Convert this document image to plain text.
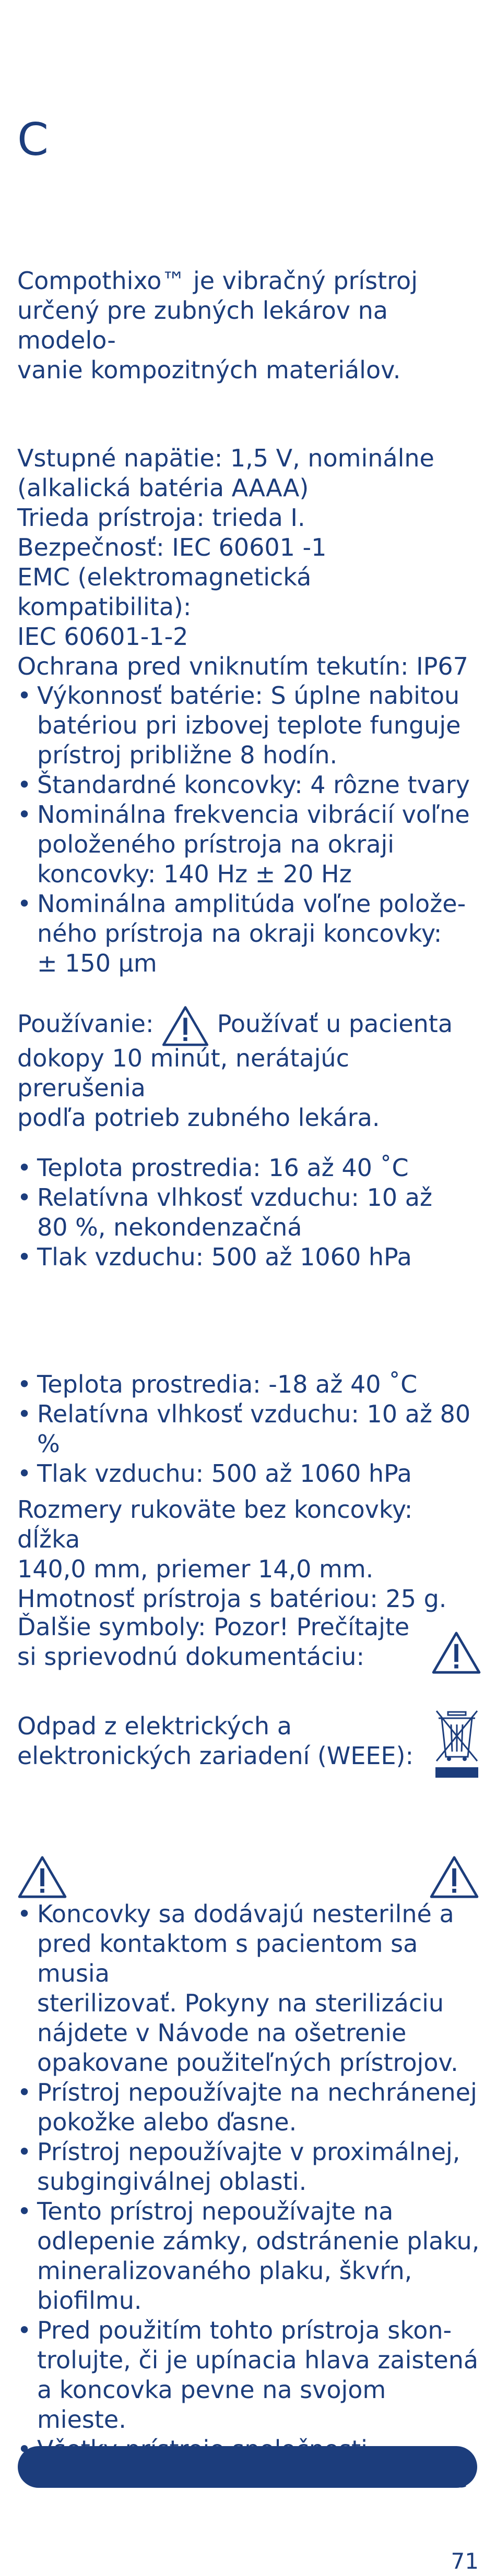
C
Compothixo™ je vibračný prístroj
určený pre zubných lekárov na modelo-
vanie kompozitných materiálov.
Vstupné napätie: 1,5 V, nominálne
(alkalická batéria AAAA)
Trieda prístroja: trieda I.
Bezpečnosť: IEC 60601 -1
EMC (elektromagnetická kompatibilita):
IEC 60601-1-2
Ochrana pred vniknutím tekutín: IP67
• Výkonnosť batérie: S úplne nabitou
batériou pri izbovej teplote funguje
prístroj približne 8 hodín.
• Štandardné koncovky: 4 rôzne tvary
• Nominálna frekvencia vibrácií voľne
položeného prístroja na okraji
koncovky: 140 Hz ± 20 Hz
• Nominálna amplitúda voľne polože-
ného prístroja na okraji koncovky:
± 150 µm
Používanie:	Používať u pacienta
dokopy 10 minút, nerátajúc prerušenia
podľa potrieb zubného lekára.
• Teplota prostredia: 16 až 40 ˚C
• Relatívna vlhkosť vzduchu: 10 až
80 %, nekondenzačná
• Tlak vzduchu: 500 až 1060 hPa
• Teplota prostredia: -18 až 40 ˚C
• Relatívna vlhkosť vzduchu: 10 až 80 %
• Tlak vzduchu: 500 až 1060 hPa
Rozmery rukoväte bez koncovky: dĺžka
140,0 mm, priemer 14,0 mm.
Hmotnosť prístroja s batériou: 25 g.
Ďalšie symboly: Pozor! Prečítajte
si sprievodnú dokumentáciu:
Odpad z elektrických a
elektronických zariadení (WEEE):
• Koncovky sa dodávajú nesterilné a
pred kontaktom s pacientom sa musia
sterilizovať. Pokyny na sterilizáciu
nájdete v Návode na ošetrenie
opakovane použiteľných prístrojov.
• Prístroj nepoužívajte na nechránenej
pokožke alebo ďasne.
• Prístroj nepoužívajte v proximálnej,
subgingiválnej oblasti.
• Tento prístroj nepoužívajte na
odlepenie zámky, odstránenie plaku,
mineralizovaného plaku, škvŕn,
biofilmu.
• Pred použitím tohto prístroja skon-
trolujte, či je upínacia hlava zaistená
a koncovka pevne na svojom mieste.
•
71
